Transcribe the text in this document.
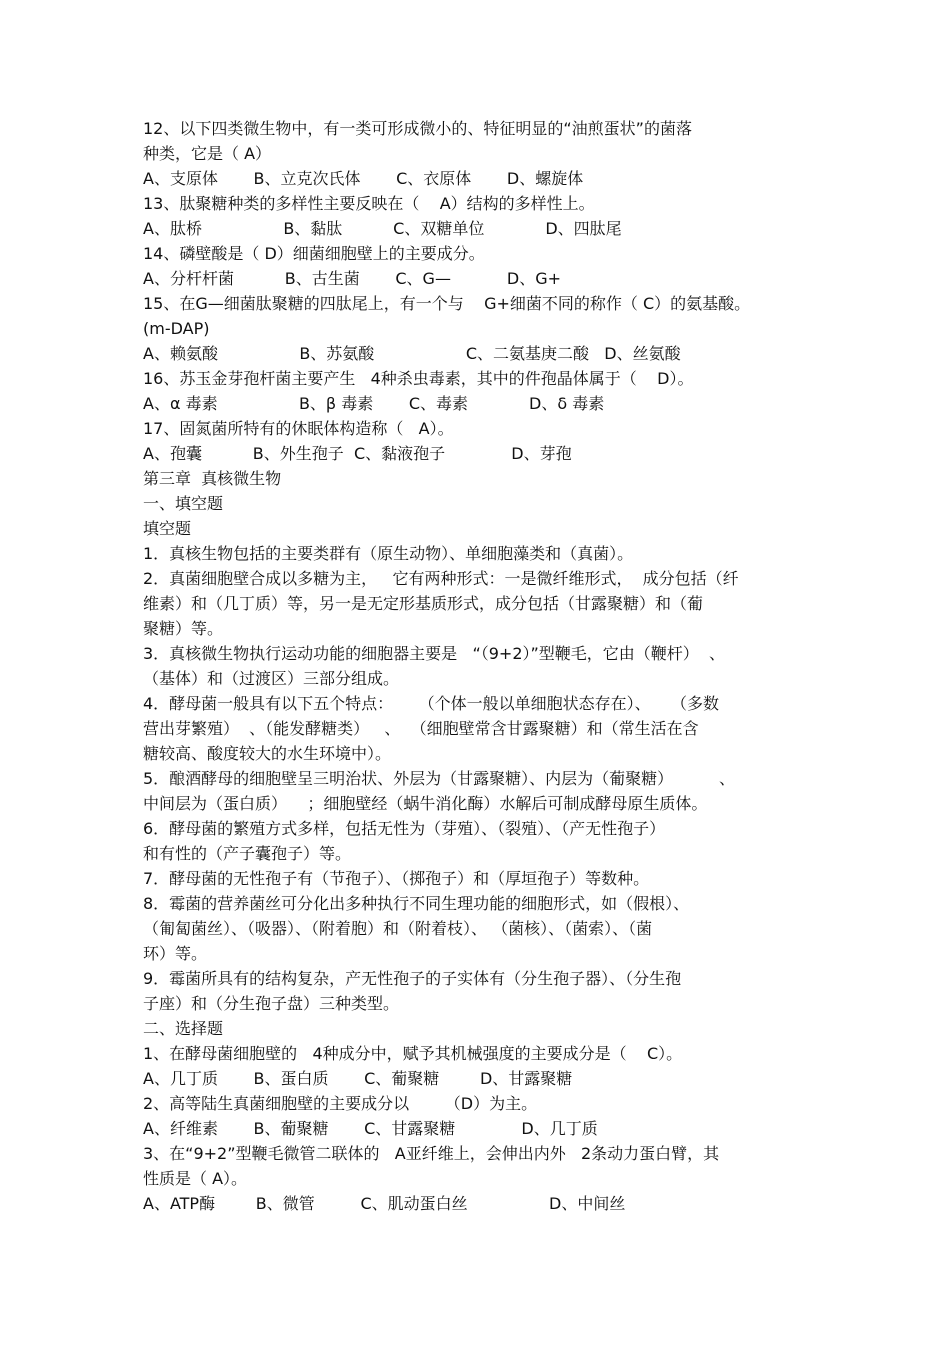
12、以下四类微生物中，有一类可形成微小的、特征明显的“油煎蛋状”的菌落
种类，它是（ A）
A、支原体       B、立克次氏体       C、衣原体       D、螺旋体
13、肽聚糖种类的多样性主要反映在（    A）结构的多样性上。
A、肽桥                B、黏肽          C、双糖单位            D、四肽尾
14、磷壁酸是（ D）细菌细胞壁上的主要成分。
A、分杆杆菌          B、古生菌       C、G—           D、G+
15、在G—细菌肽聚糖的四肽尾上，有一个与    G+细菌不同的称作（ C）的氨基酸。
(m-DAP)
A、赖氨酸                B、苏氨酸                  C、二氨基庚二酸   D、丝氨酸
16、苏玉金芽孢杆菌主要产生   4种杀虫毒素，其中的件孢晶体属于（    D）。
A、α 毒素                B、β 毒素       C、毒素            D、δ 毒素
17、固氮菌所特有的休眠体构造称（   A）。
A、孢囊          B、外生孢子  C、黏液孢子             D、芽孢
第三章  真核微生物
一、填空题
填空题
1．真核生物包括的主要类群有（原生动物）、单细胞藻类和（真菌）。
2．真菌细胞壁合成以多糖为主，   它有两种形式：一是微纤维形式，  成分包括（纤
维素）和（几丁质）等，另一是无定形基质形式，成分包括（甘露聚糖）和（葡
聚糖）等。
3．真核微生物执行运动功能的细胞器主要是   “（9+2）”型鞭毛，它由（鞭杆）  、
（基体）和（过渡区）三部分组成。
4．酵母菌一般具有以下五个特点：     （个体一般以单细胞状态存在）、    （多数
营出芽繁殖）  、（能发酵糖类）   、  （细胞壁常含甘露聚糖）和（常生活在含
糖较高、酸度较大的水生环境中）。
5．酿酒酵母的细胞壁呈三明治状、外层为（甘露聚糖）、内层为（葡聚糖）         、
中间层为（蛋白质）    ；细胞壁经（蜗牛消化酶）水解后可制成酵母原生质体。
6．酵母菌的繁殖方式多样，包括无性为（芽殖）、（裂殖）、（产无性孢子）
和有性的（产子囊孢子）等。
7．酵母菌的无性孢子有（节孢子）、（掷孢子）和（厚垣孢子）等数种。
8．霉菌的营养菌丝可分化出多种执行不同生理功能的细胞形式，如（假根）、
（匍匐菌丝）、（吸器）、（附着胞）和（附着枝）、 （菌核）、（菌索）、（菌
环）等。
9．霉菌所具有的结构复杂，产无性孢子的子实体有（分生孢子器）、（分生孢
子座）和（分生孢子盘）三种类型。
二、选择题
1、在酵母菌细胞壁的   4种成分中，赋予其机械强度的主要成分是（    C）。
A、几丁质       B、蛋白质       C、葡聚糖        D、甘露聚糖
2、高等陆生真菌细胞壁的主要成分以       （D）为主。
A、纤维素       B、葡聚糖       C、甘露聚糖             D、几丁质
3、在“9+2”型鞭毛微管二联体的   A亚纤维上，会伸出内外   2条动力蛋白臂，其
性质是（ A）。
A、ATP酶        B、微管         C、肌动蛋白丝                D、中间丝
